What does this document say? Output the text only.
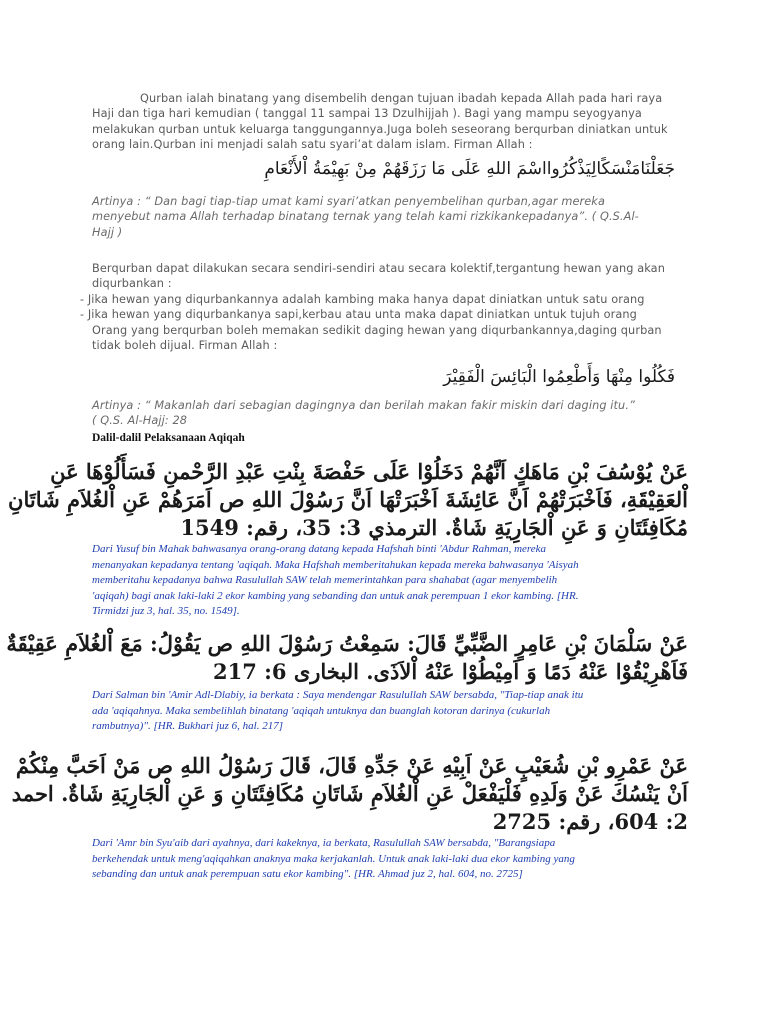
Qurban ialah binatang yang disembelih dengan tujuan ibadah kepada Allah pada hari raya

Haji dan tiga hari kemudian ( tanggal 11 sampai 13 Dzulhijjah ). Bagi yang mampu seyogyanya

melakukan qurban untuk keluarga tanggungannya.Juga boleh seseorang berqurban diniatkan untuk

orang lain.Qurban ini menjadi salah satu syari’at dalam islam. Firman Allah :

جَعَلْنَامَنْسَكًالِيَذْكُرُوااسْمَ اللهِ عَلَى مَا رَزَقَهُمْ مِنْ بَهِيْمَةُ اْلأَنْعَامِ

Artinya : “ Dan bagi tiap-tiap umat kami syari’atkan penyembelihan qurban,agar mereka

menyebut nama Allah terhadap binatang ternak yang telah kami rizkikankepadanya”. ( Q.S.Al-

Hajj )

Berqurban dapat dilakukan secara sendiri-sendiri atau secara kolektif,tergantung hewan yang akan

diqurbankan :

- Jika hewan yang diqurbankannya adalah kambing maka hanya dapat diniatkan untuk satu orang

- Jika hewan yang diqurbankanya sapi,kerbau atau unta maka dapat diniatkan untuk tujuh orang

Orang yang berqurban boleh memakan sedikit daging hewan yang diqurbankannya,daging qurban

tidak boleh dijual. Firman Allah :

فَكُلُوا مِنْهَا وَأَطْعِمُوا الْبَائِسَ الْفَقِيْرَ

Artinya : “ Makanlah dari sebagian dagingnya dan berilah makan fakir miskin dari daging itu.”

( Q.S. Al-Hajj: 28

Dalil-dalil Pelaksanaan Aqiqah
عَنْ يُوْسُفَ بْنِ مَاهَكٍ اَنَّهُمْ دَخَلُوْا عَلَى حَفْصَةَ بِنْتِ عَبْدِ الرَّحْمنِ فَسَأَلُوْهَا عَنِ
اْلعَقِيْقَةِ، فَاَخْبَرَتْهُمْ اَنَّ عَائِشَةَ اَخْبَرَتْهَا اَنَّ رَسُوْلَ اللهِ ص اَمَرَهُمْ عَنِ اْلغُلاَمِ شَاتَانِ
مُكَافِئَتَانِ وَ عَنِ اْلجَارِيَةِ شَاةٌ. الترمذي 3: 35، رقم: 1549

Dari Yusuf bin Mahak bahwasanya orang-orang datang kepada Hafshah binti 'Abdur Rahman, mereka

menanyakan kepadanya tentang 'aqiqah. Maka Hafshah memberitahukan kepada mereka bahwasanya 'Aisyah

memberitahu kepadanya bahwa Rasulullah SAW telah memerintahkan para shahabat (agar menyembelih

'aqiqah) bagi anak laki-laki 2 ekor kambing yang sebanding dan untuk anak perempuan 1 ekor kambing. [HR.

Tirmidzi juz 3, hal. 35, no. 1549].

عَنْ سَلْمَانَ بْنِ عَامِرٍ الضَّبِّيِّ قَالَ: سَمِعْتُ رَسُوْلَ اللهِ ص يَقُوْلُ: مَعَ اْلغُلاَمِ عَقِيْقَةٌ
فَاَهْرِيْقُوْا عَنْهُ دَمًا وَ اَمِيْطُوْا عَنْهُ اْلاَذَى. البخارى 6: 217

Dari Salman bin 'Amir Adl-Dlabiy, ia berkata : Saya mendengar Rasulullah SAW bersabda, "Tiap-tiap anak itu

ada 'aqiqahnya. Maka sembelihlah binatang 'aqiqah untuknya dan buanglah kotoran darinya (cukurlah

rambutnya)". [HR. Bukhari juz 6, hal. 217]

عَنْ عَمْرِو بْنِ شُعَيْبٍ عَنْ اَبِيْهِ عَنْ جَدِّهِ قَالَ، قَالَ رَسُوْلُ اللهِ ص مَنْ اَحَبَّ مِنْكُمْ
اَنْ يَنْسُكَ عَنْ وَلَدِهِ فَلْيَفْعَلْ عَنِ اْلغُلاَمِ شَاتَانِ مُكَافِئَتَانِ وَ عَنِ اْلجَارِيَةِ شَاةٌ. احمد
2: 604، رقم: 2725

Dari 'Amr bin Syu'aib dari ayahnya, dari kakeknya, ia berkata, Rasulullah SAW bersabda, "Barangsiapa

berkehendak untuk meng'aqiqahkan anaknya maka kerjakanlah. Untuk anak laki-laki dua ekor kambing yang

sebanding dan untuk anak perempuan satu ekor kambing". [HR. Ahmad juz 2, hal. 604, no. 2725]
